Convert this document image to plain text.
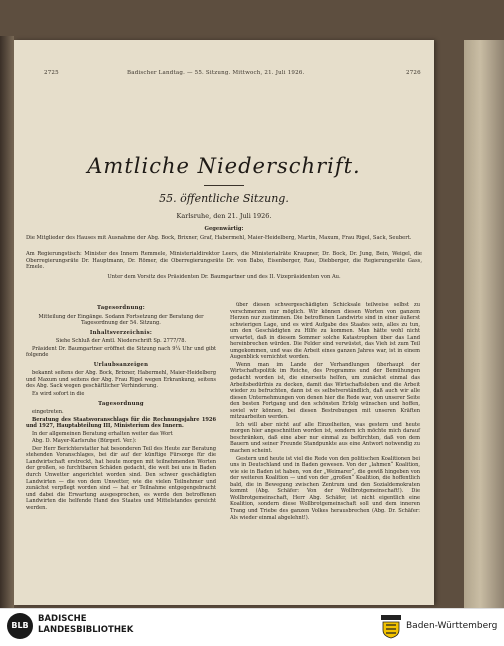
2725	Badischer Landtag. — 55. Sitzung. Mittwoch, 21. Juli 1926.	2726
Amtliche Niederschrift.
55. öffentliche Sitzung.
Karlsruhe, den 21. Juli 1926.
Gegenwärtig:
Die Mitglieder des Hauses mit Ausnahme der Abg. Bock, Brixner, Graf, Habermehl, Maier-Heidelberg, Martin, Maxum, Frau Rigel, Sack, Seubert.
Am Regierungstisch: Minister des Innern Remmele, Ministerialdirektor Leers, die Ministerialräte Kraupner, Dr. Bock, Dr. Jung, Bein, Weigel, die Oberregierungsräte Dr. Hauptmann, Dr. Römer, die Oberregierungsräte Dr. von Babo, Eisenberger, Rau, Diebberger, die Regierungsräte Gass, Emele.
Unter dem Vorsitz des Präsidenten Dr. Baumgartner und des II. Vizepräsidenten von Au.

Tagesordnung:

Mitteilung der Eingänge. Sodann Fortsetzung der Beratung der Tagesordnung der 54. Sitzung.

Inhaltsverzeichnis:

Siehe Schluß der Amtl. Niederschrift Sp. 2777/78.

Präsident Dr. Baumgartner eröffnet die Sitzung nach 9¼ Uhr und gibt folgende

Urlaubsanzeigen

bekannt seitens der Abg. Bock, Brixner, Habermehl, Maier-Heidelberg und Maxum und seitens der Abg. Frau Rigel wegen Erkrankung, seitens des Abg. Sack wegen geschäftlicher Verhinderung.

Es wird sofort in die

Tagesordnung

eingetreten.

Beratung des Staatsvoranschlags für die Rechnungsjahre 1926 und 1927, Hauptabteilung III, Ministerium des Innern.

In der allgemeinen Beratung erhalten weiter das Wort

Abg. D. Mayer-Karlsruhe (Bürgerl. Ver.):

Der Herr Berichterstatter hat besonderen Teil des Heute zur Beratung stehenden Voranschlages, bei dir auf der künftige Fürsorge für die Landwirtschaft erstreckt, hat heute morgen mit teilnehmenden Worten der großen, so furchtbaren Schäden gedacht, die weit bei uns in Baden durch Unwetter angerichtet worden sind. Den schwer geschädigten Landwirten — die von dem Unwetter, wie die vielen Teilnehmer und zunächst verpflegt worden sind — hat er Teilnahme entgegengebracht und dabei die Erwartung ausgesprochen, es werde den betroffenen Landwirten die helfende Hand des Staates und Mittelstandes gereicht werden.

über diesen schwergeschädigten Schicksale teilweise selbst zu verschmerzen nur möglich. Wir können diesen Worten von ganzem Herzen nur zustimmen. Die betroffenen Landwirte sind in einer äußerst schwierigen Lage, und es wird Aufgabe des Staates sein, alles zu tun, um den Geschädigten zu Hilfe zu kommen. Man hätte wohl nicht erwartet, daß in diesem Sommer solche Katastrophen über das Land hereinbrechen würden. Die Felder sind verwüstet, das Vieh ist zum Teil umgekommen, und was die Arbeit eines ganzen Jahres war, ist in einem Augenblick vernichtet worden.

Wenn man im Lande der Verhandlungen überhaupt der Wirtschaftspolitik im Reiche, des Programms und der Bemühungen gedacht worden ist, die einerseits helfen, um zunächst einmal das Arbeitsbedürfnis zu decken, damit das Wirtschaftsleben und die Arbeit wieder zu befruchten, dann ist es selbstverständlich, daß auch wir alle diesen Unternehmungen von denen hier die Rede war, von unserer Seite den besten Fortgang und den schönsten Erfolg wünschen und hoffen, soviel wir können, bei diesen Bestrebungen mit unseren Kräften mitzuarbeiten werden.

Ich will aber nicht auf alle Einzelheiten, was gestern und heute morgen hier angeschnitten worden ist, sondern ich möchte mich darauf beschränken, daß eine aber nur einmal zu befürchten, daß von dem Bauern und seiner Freunde Standpunkte aus eine Antwort notwendig zu machen scheint.

Gestern und heute ist viel die Rede von den politischen Koalitionen bei uns in Deutschland und in Baden gewesen. Von der „lahmen“ Koalition, wie sie in Baden ist haben, von der „Weimarer“, die gewiß hingeben von der weiteren Koalition — und von der „großen“ Koalition, die hoffentlich bald, die in Bewegung zwischen Zentrum und den Sozialdemokraten kommt (Abg. Schäfer: Von der Wollbrotgemeinschaft!). Die Wollbrotgemeinschaft, Herr Abg. Schäfer, ist nicht eigentlich eine Koalition, sondern diese Wollbrotgemeinschaft soll und dem inneren Trang und Triebe des ganzen Volkes herausbrechen (Abg. Dr. Schäfer: Als wieder einmal abgelehnt!).

BLB
BADISCHE
LANDESBIBLIOTHEK	Baden-Württemberg
